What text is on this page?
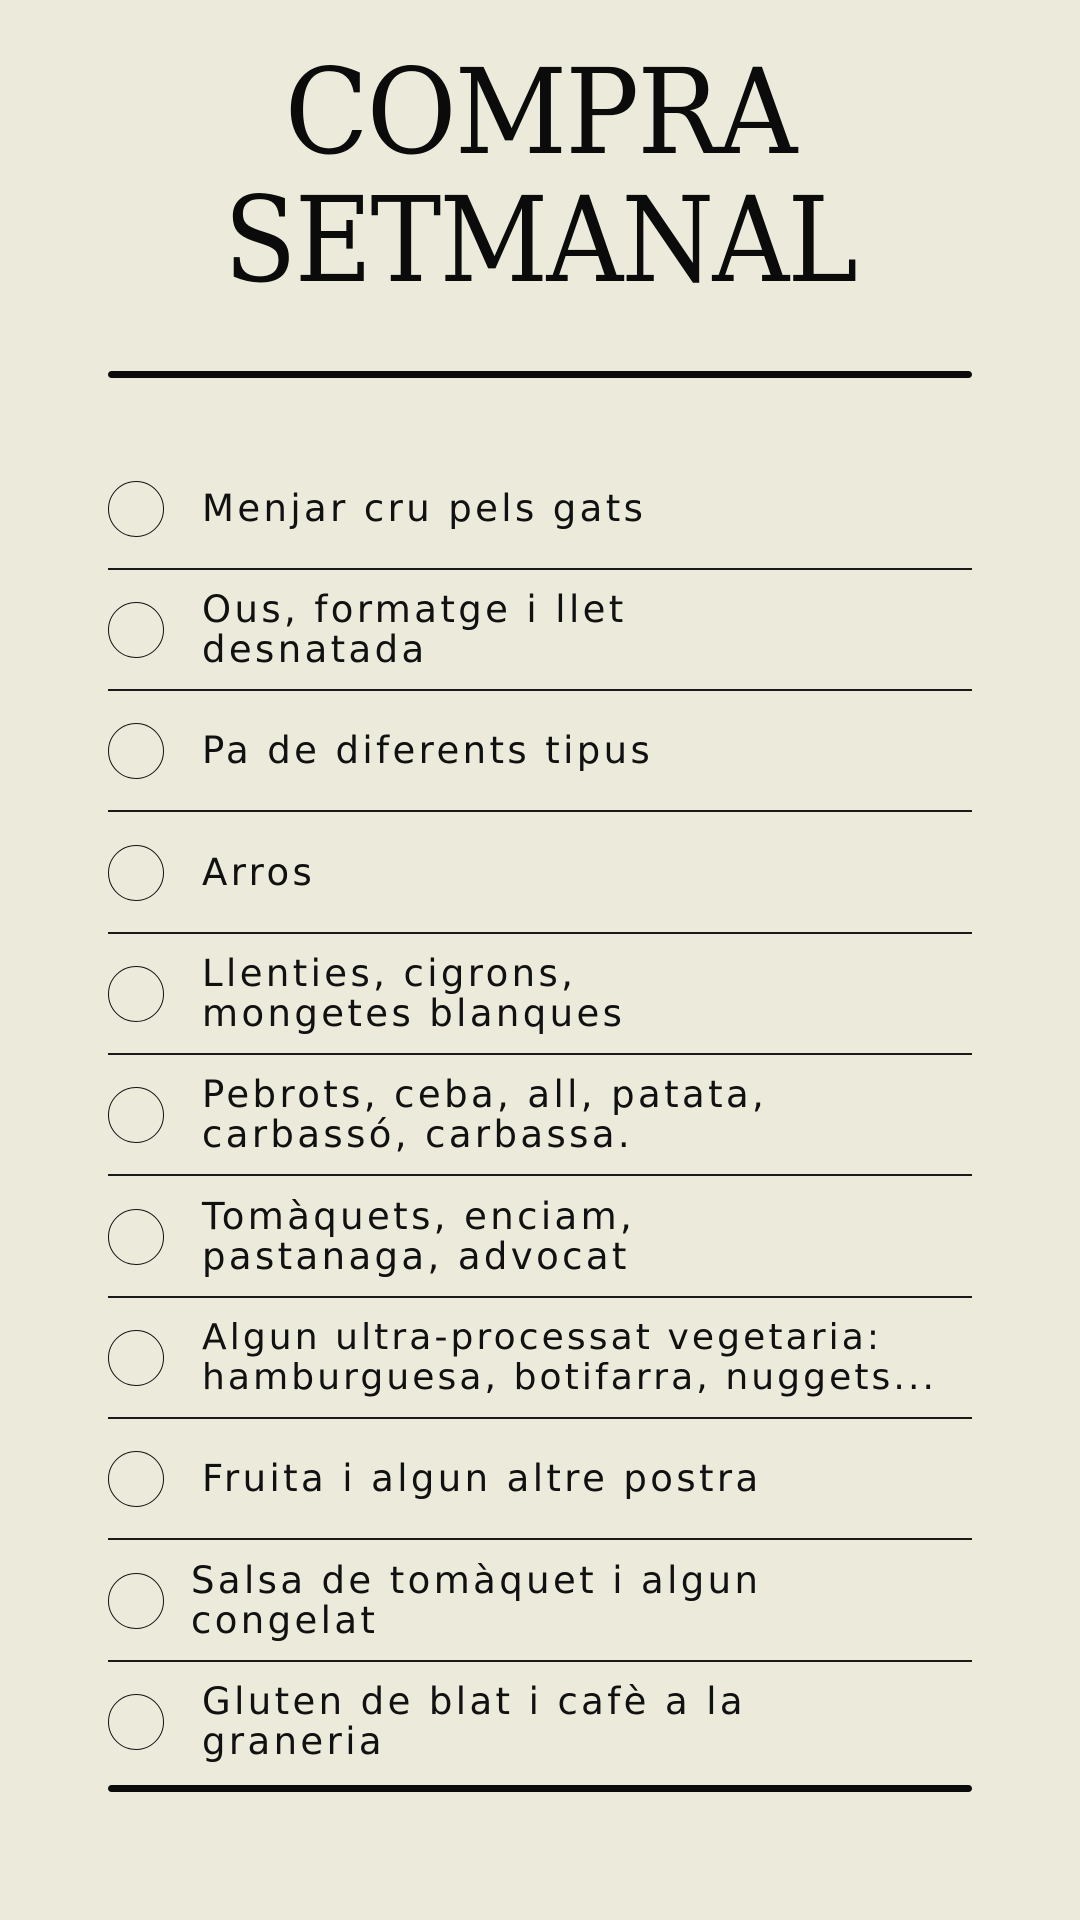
COMPRA
SETMANAL
Menjar cru pels gats
Ous, formatge i llet
desnatada
Pa de diferents tipus
Arros
Llenties, cigrons,
mongetes blanques
Pebrots, ceba, all, patata,
carbassó, carbassa.
Tomàquets, enciam,
pastanaga, advocat
Algun ultra-processat vegetaria:
hamburguesa, botifarra, nuggets...
Fruita i algun altre postra
Salsa de tomàquet i algun
congelat
Gluten de blat i cafè a la
graneria
